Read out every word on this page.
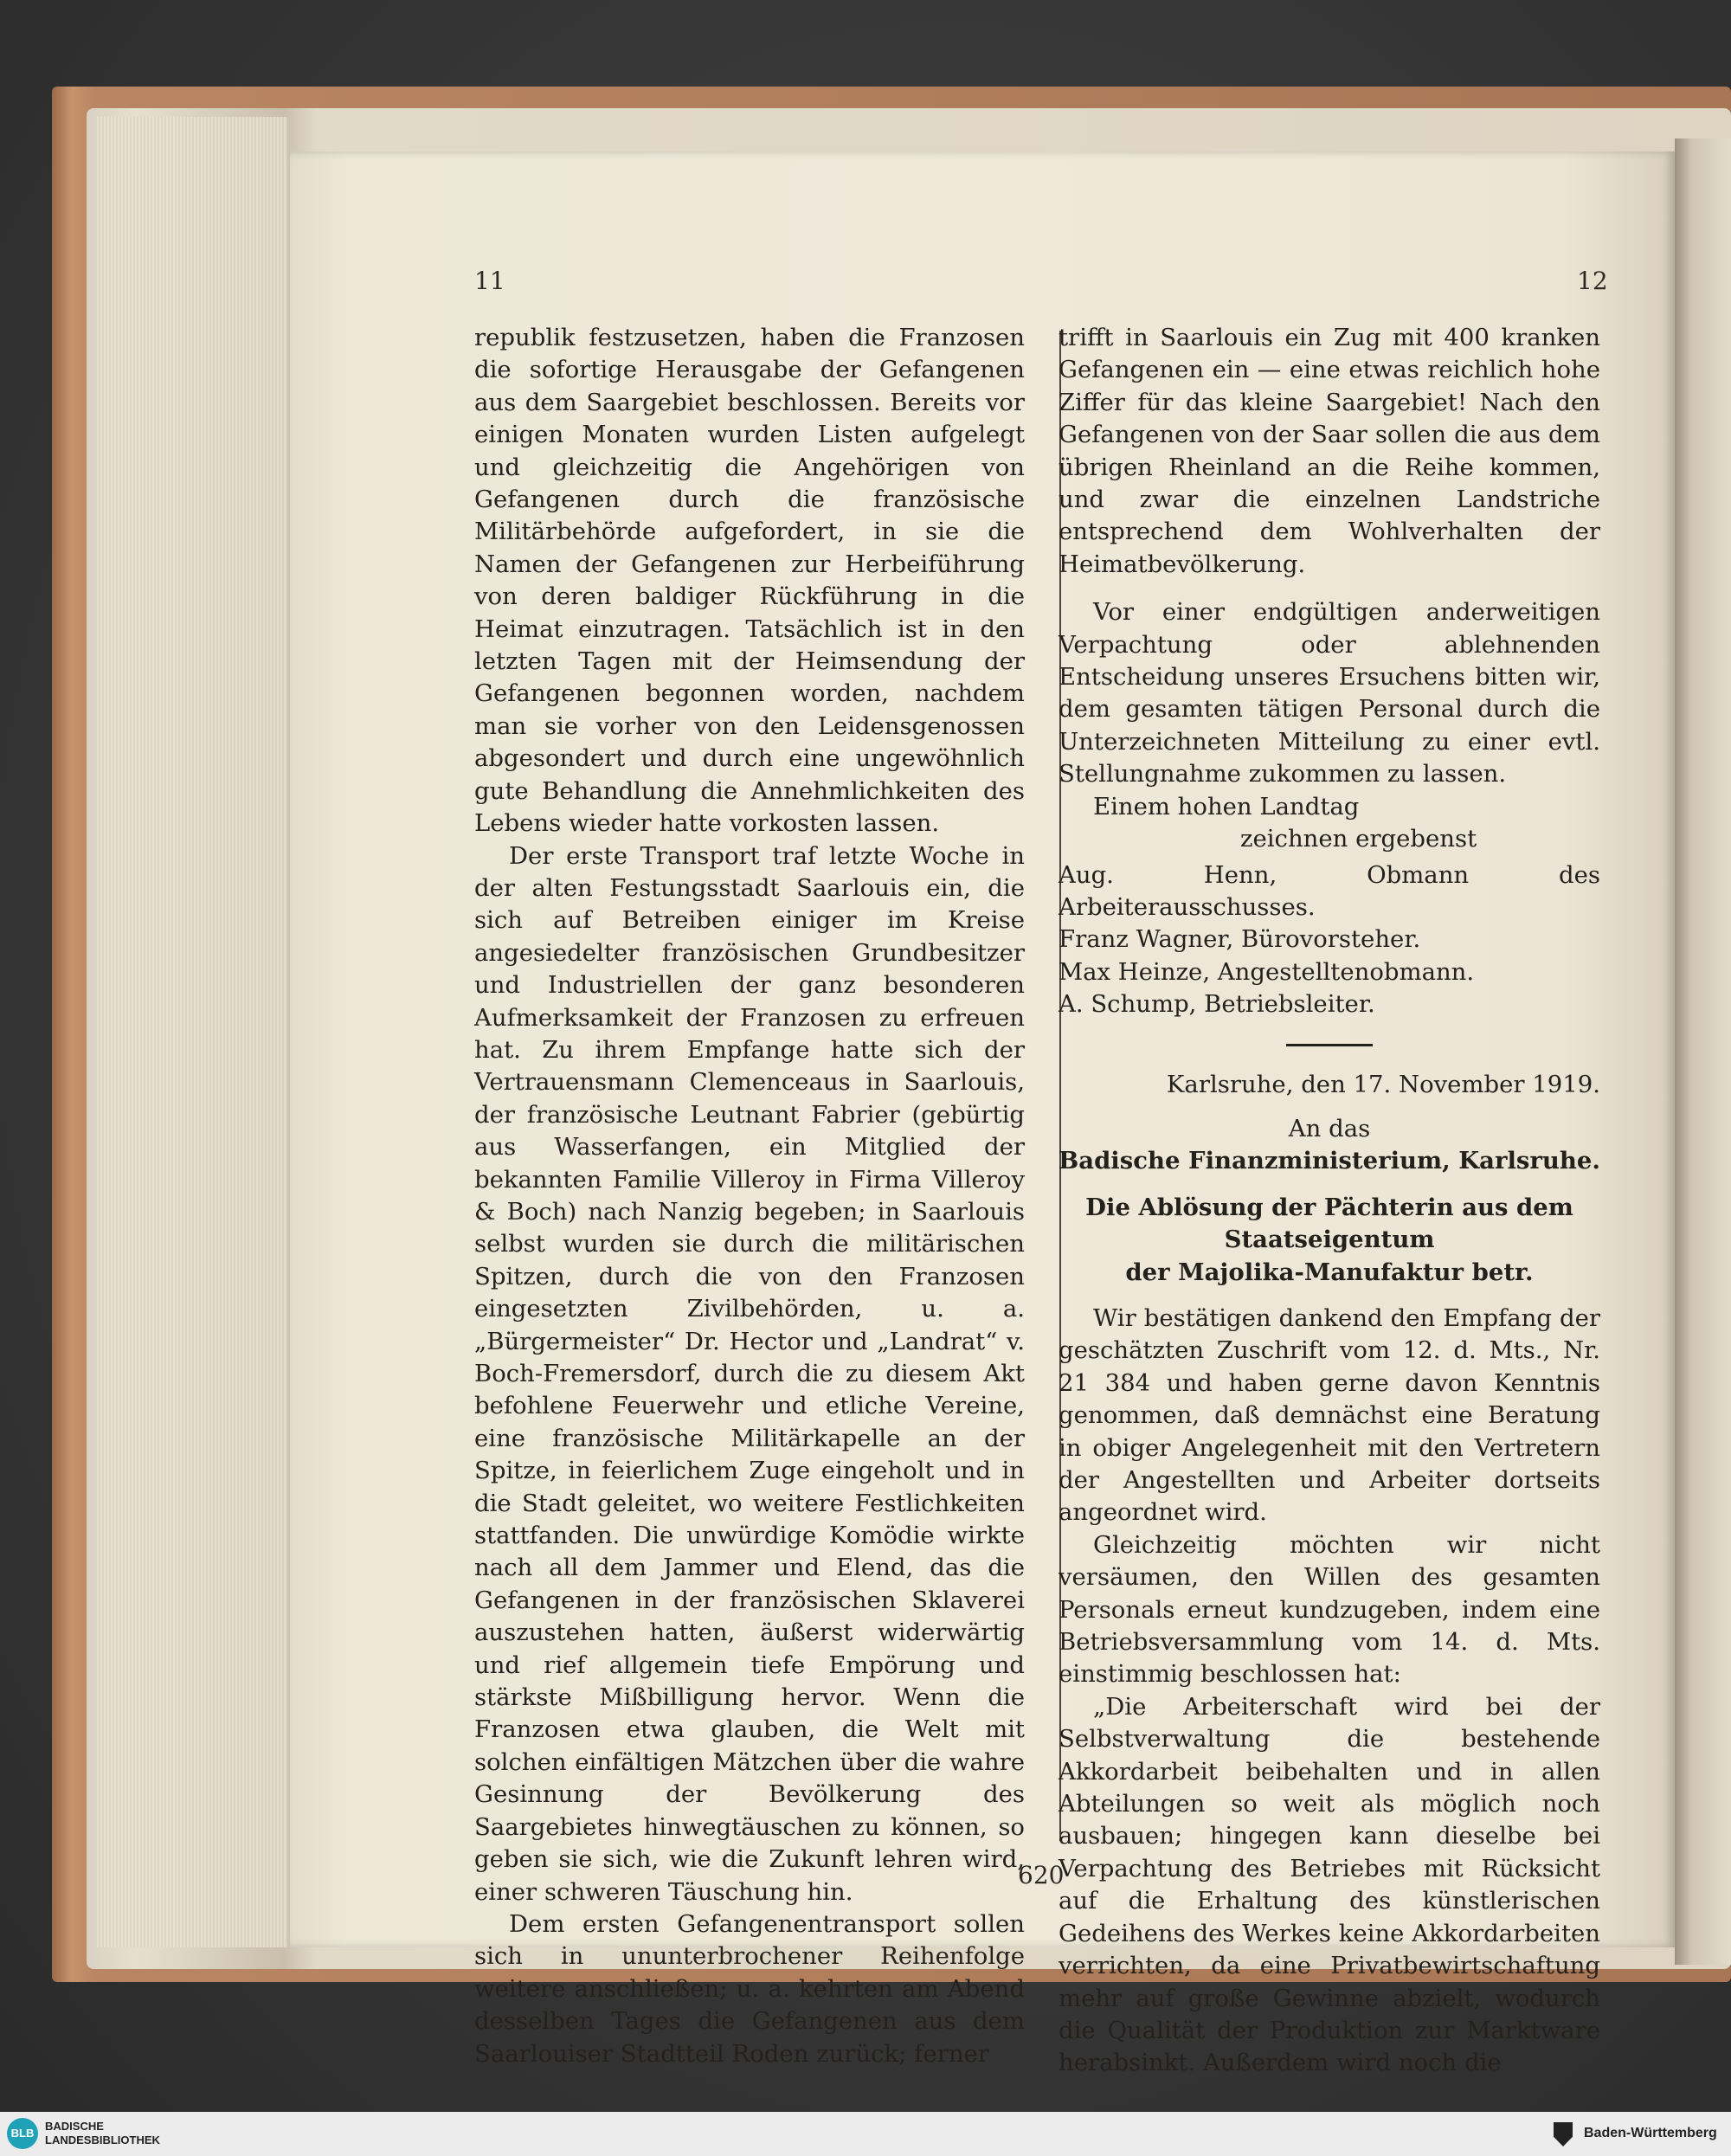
11	12

republik festzusetzen, haben die Franzosen die sofortige Herausgabe der Gefangenen aus dem Saargebiet beschlossen. Bereits vor einigen Monaten wurden Listen aufgelegt und gleichzeitig die Angehörigen von Gefangenen durch die französische Militärbehörde aufgefordert, in sie die Namen der Gefangenen zur Herbeiführung von deren baldiger Rückführung in die Heimat einzutragen. Tatsächlich ist in den letzten Tagen mit der Heimsendung der Gefangenen begonnen worden, nachdem man sie vorher von den Leidensgenossen abgesondert und durch eine ungewöhnlich gute Behandlung die Annehmlichkeiten des Lebens wieder hatte vorkosten lassen.

Der erste Transport traf letzte Woche in der alten Festungsstadt Saarlouis ein, die sich auf Betreiben einiger im Kreise angesiedelter französischen Grundbesitzer und Industriellen der ganz besonderen Aufmerksamkeit der Franzosen zu erfreuen hat. Zu ihrem Empfange hatte sich der Vertrauensmann Clemenceaus in Saarlouis, der französische Leutnant Fabrier (gebürtig aus Wasserfangen, ein Mitglied der bekannten Familie Villeroy in Firma Villeroy & Boch) nach Nanzig begeben; in Saarlouis selbst wurden sie durch die militärischen Spitzen, durch die von den Franzosen eingesetzten Zivilbehörden, u. a. „Bürgermeister“ Dr. Hector und „Landrat“ v. Boch-Fremersdorf, durch die zu diesem Akt befohlene Feuerwehr und etliche Vereine, eine französische Militärkapelle an der Spitze, in feierlichem Zuge eingeholt und in die Stadt geleitet, wo weitere Festlichkeiten stattfanden. Die unwürdige Komödie wirkte nach all dem Jammer und Elend, das die Gefangenen in der französischen Sklaverei auszustehen hatten, äußerst widerwärtig und rief allgemein tiefe Empörung und stärkste Mißbilligung hervor. Wenn die Franzosen etwa glauben, die Welt mit solchen einfältigen Mätzchen über die wahre Gesinnung der Bevölkerung des Saargebietes hinwegtäuschen zu können, so geben sie sich, wie die Zukunft lehren wird, einer schweren Täuschung hin.

Dem ersten Gefangenentransport sollen sich in ununterbrochener Reihenfolge weitere anschließen; u. a. kehrten am Abend desselben Tages die Gefangenen aus dem Saarlouiser Stadtteil Roden zurück; ferner

trifft in Saarlouis ein Zug mit 400 kranken Gefangenen ein — eine etwas reichlich hohe Ziffer für das kleine Saargebiet! Nach den Gefangenen von der Saar sollen die aus dem übrigen Rheinland an die Reihe kommen, und zwar die einzelnen Landstriche entsprechend dem Wohlverhalten der Heimatbevölkerung.

Vor einer endgültigen anderweitigen Verpachtung oder ablehnenden Entscheidung unseres Ersuchens bitten wir, dem gesamten tätigen Personal durch die Unterzeichneten Mitteilung zu einer evtl. Stellungnahme zukommen zu lassen.

Einem hohen Landtag

zeichnen ergebenst

Aug. Henn, Obmann des Arbeiterausschusses.

Franz Wagner, Bürovorsteher.

Max Heinze, Angestelltenobmann.

A. Schump, Betriebsleiter.

Karlsruhe, den 17. November 1919.

An das

Badische Finanzministerium, Karlsruhe.

Die Ablösung der Pächterin aus dem Staatseigentum

der Majolika-Manufaktur betr.

Wir bestätigen dankend den Empfang der geschätzten Zuschrift vom 12. d. Mts., Nr. 21 384 und haben gerne davon Kenntnis genommen, daß demnächst eine Beratung in obiger Angelegenheit mit den Vertretern der Angestellten und Arbeiter dortseits angeordnet wird.

Gleichzeitig möchten wir nicht versäumen, den Willen des gesamten Personals erneut kundzugeben, indem eine Betriebsversammlung vom 14. d. Mts. einstimmig beschlossen hat:

„Die Arbeiterschaft wird bei der Selbstverwaltung die bestehende Akkordarbeit beibehalten und in allen Abteilungen so weit als möglich noch ausbauen; hingegen kann dieselbe bei Verpachtung des Betriebes mit Rücksicht auf die Erhaltung des künstlerischen Gedeihens des Werkes keine Akkordarbeiten verrichten, da eine Privatbewirtschaftung mehr auf große Gewinne abzielt, wodurch die Qualität der Produktion zur Marktware herabsinkt. Außerdem wird noch die

620
BLB
BADISCHE
LANDESBIBLIOTHEK	Baden-Württemberg
